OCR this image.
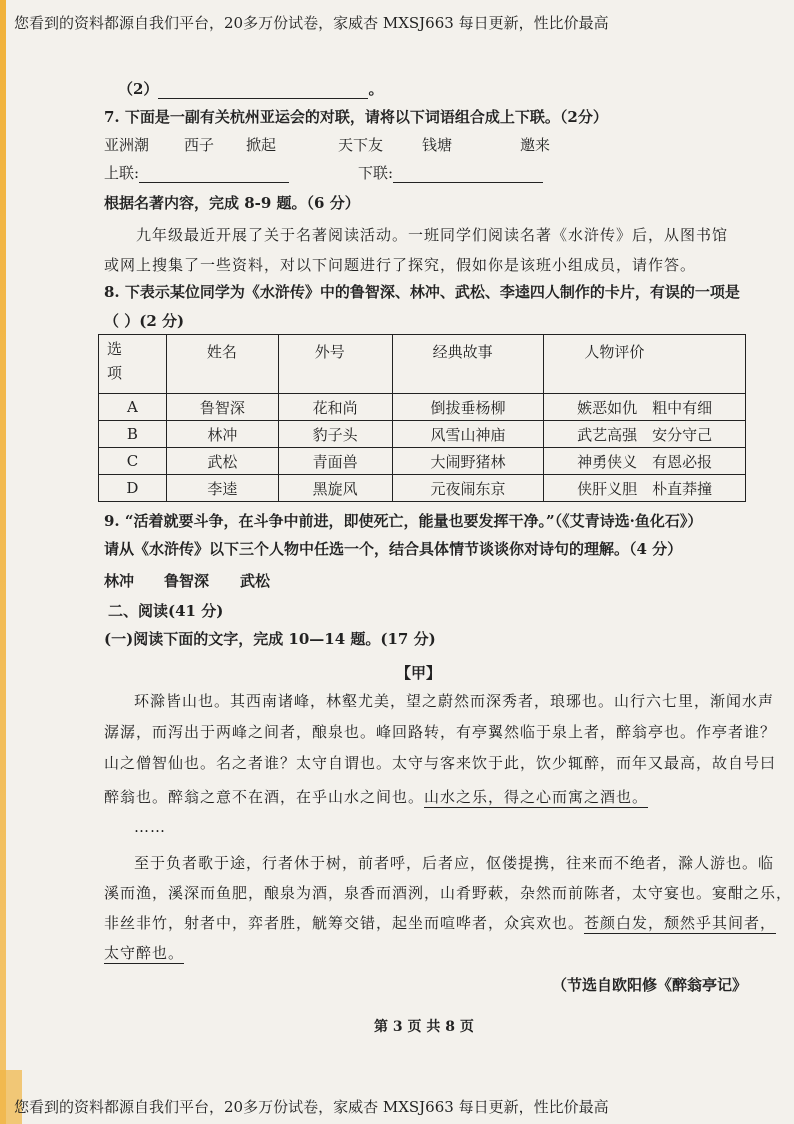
您看到的资料都源自我们平台，20多万份试卷，家威杏 MXSJ663 每日更新，性比价最高
（2）	。
7. 下面是一副有关杭州亚运会的对联，请将以下词语组合成上下联。（2分）
亚洲潮 西子 掀起	天下友	钱塘	邀来
上联:	下联:
根据名著内容，完成 8-9 题。（6 分）
九年级最近开展了关于名著阅读活动。一班同学们阅读名著《水浒传》后，从图书馆
或网上搜集了一些资料，对以下问题进行了探究，假如你是该班小组成员，请作答。
8. 下表示某位同学为《水浒传》中的鲁智深、林冲、武松、李逵四人制作的卡片，有误的一项是
（ ）(2 分)
选
项	姓名	外号	经典故事	人物评价
A	鲁智深	花和尚	倒拔垂杨柳	嫉恶如仇　粗中有细
B	林冲	豹子头	风雪山神庙	武艺高强　安分守己
C	武松	青面兽	大闹野猪林	神勇侠义　有恩必报
D	李逵	黑旋风	元夜闹东京	侠肝义胆　朴直莽撞
9. “活着就要斗争，在斗争中前进，即使死亡，能量也要发挥干净。”（《艾青诗选·鱼化石》）
请从《水浒传》以下三个人物中任选一个，结合具体情节谈谈你对诗句的理解。（4 分）
林冲 鲁智深 武松
二、阅读(41 分)
(一)阅读下面的文字，完成 10—14 题。(17 分)
【甲】
环滁皆山也。其西南诸峰，林壑尤美，望之蔚然而深秀者，琅琊也。山行六七里，渐闻水声
潺潺，而泻出于两峰之间者，酿泉也。峰回路转，有亭翼然临于泉上者，醉翁亭也。作亭者谁？
山之僧智仙也。名之者谁？太守自谓也。太守与客来饮于此，饮少辄醉，而年又最高，故自号曰
醉翁也。醉翁之意不在酒，在乎山水之间也。山水之乐，得之心而寓之酒也。
……
至于负者歌于途，行者休于树，前者呼，后者应，伛偻提携，往来而不绝者，滁人游也。临
溪而渔，溪深而鱼肥，酿泉为酒，泉香而酒洌，山肴野蔌，杂然而前陈者，太守宴也。宴酣之乐，
非丝非竹，射者中，弈者胜，觥筹交错，起坐而喧哗者，众宾欢也。苍颜白发，颓然乎其间者，
太守醉也。
（节选自欧阳修《醉翁亭记》
第 3 页 共 8 页
您看到的资料都源自我们平台，20多万份试卷，家威杏 MXSJ663 每日更新，性比价最高
